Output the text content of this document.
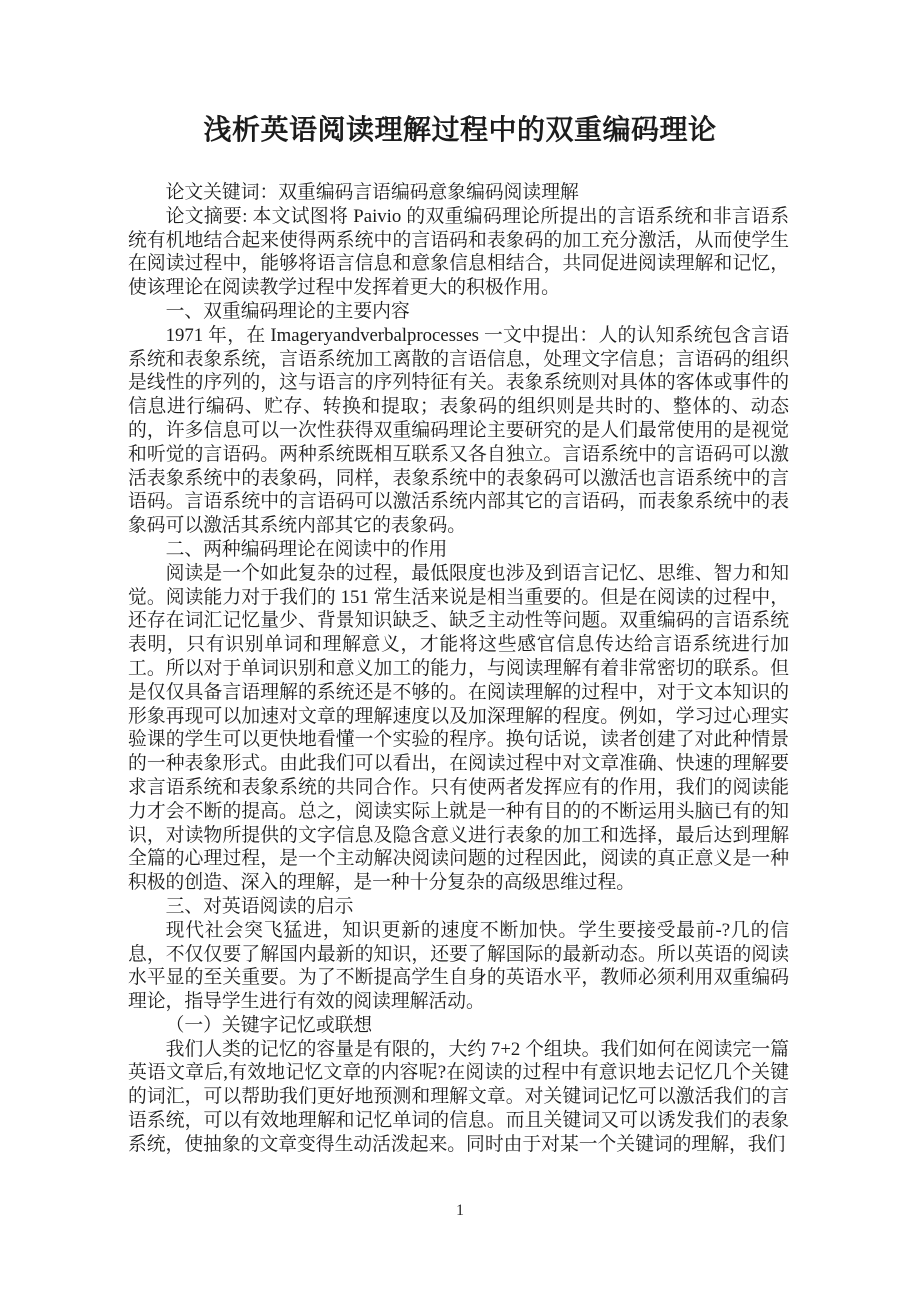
浅析英语阅读理解过程中的双重编码理论

论文关键词：双重编码言语编码意象编码阅读理解

论文摘要: 本文试图将 Paivio 的双重编码理论所提出的言语系统和非言语系统有机地结合起来使得两系统中的言语码和表象码的加工充分激活，从而使学生在阅读过程中，能够将语言信息和意象信息相结合，共同促进阅读理解和记忆，使该理论在阅读教学过程中发挥着更大的积极作用。

一、双重编码理论的主要内容

1971 年，在 Imageryandverbalprocesses 一文中提出：人的认知系统包含言语系统和表象系统，言语系统加工离散的言语信息，处理文字信息；言语码的组织是线性的序列的，这与语言的序列特征有关。表象系统则对具体的客体或事件的信息进行编码、贮存、转换和提取；表象码的组织则是共时的、整体的、动态的，许多信息可以一次性获得双重编码理论主要研究的是人们最常使用的是视觉和听觉的言语码。两种系统既相互联系又各自独立。言语系统中的言语码可以激活表象系统中的表象码，同样，表象系统中的表象码可以激活也言语系统中的言语码。言语系统中的言语码可以激活系统内部其它的言语码，而表象系统中的表象码可以激活其系统内部其它的表象码。

二、两种编码理论在阅读中的作用

阅读是一个如此复杂的过程，最低限度也涉及到语言记忆、思维、智力和知觉。阅读能力对于我们的 151 常生活来说是相当重要的。但是在阅读的过程中，还存在词汇记忆量少、背景知识缺乏、缺乏主动性等问题。双重编码的言语系统表明，只有识别单词和理解意义，才能将这些感官信息传达给言语系统进行加工。所以对于单词识别和意义加工的能力，与阅读理解有着非常密切的联系。但是仅仅具备言语理解的系统还是不够的。在阅读理解的过程中，对于文本知识的形象再现可以加速对文章的理解速度以及加深理解的程度。例如，学习过心理实验课的学生可以更快地看懂一个实验的程序。换句话说，读者创建了对此种情景的一种表象形式。由此我们可以看出，在阅读过程中对文章准确、快速的理解要求言语系统和表象系统的共同合作。只有使两者发挥应有的作用，我们的阅读能力才会不断的提高。总之，阅读实际上就是一种有目的的不断运用头脑已有的知识，对读物所提供的文字信息及隐含意义进行表象的加工和选择，最后达到理解全篇的心理过程，是一个主动解决阅读问题的过程因此，阅读的真正意义是一种积极的创造、深入的理解，是一种十分复杂的高级思维过程。

三、对英语阅读的启示

现代社会突飞猛进，知识更新的速度不断加快。学生要接受最前-?几的信息，不仅仅要了解国内最新的知识，还要了解国际的最新动态。所以英语的阅读水平显的至关重要。为了不断提高学生自身的英语水平，教师必须利用双重编码理论，指导学生进行有效的阅读理解活动。

（一）关键字记忆或联想

我们人类的记忆的容量是有限的，大约 7+2 个组块。我们如何在阅读完一篇英语文章后,有效地记忆文章的内容呢?在阅读的过程中有意识地去记忆几个关键的词汇，可以帮助我们更好地预测和理解文章。对关键词记忆可以激活我们的言语系统，可以有效地理解和记忆单词的信息。而且关键词又可以诱发我们的表象系统，使抽象的文章变得生动活泼起来。同时由于对某一个关键词的理解，我们

1
